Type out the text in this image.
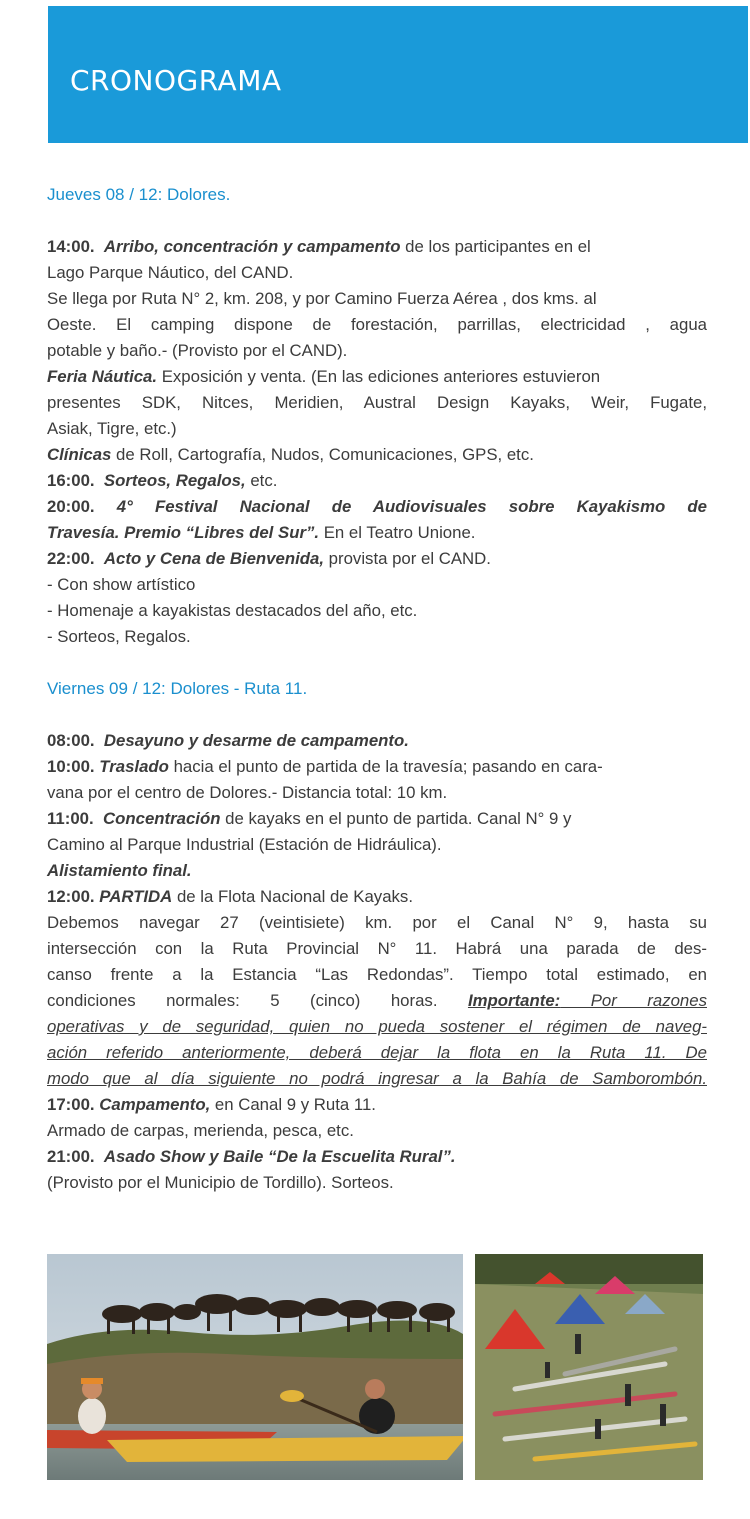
CRONOGRAMA

Jueves 08 / 12: Dolores.

14:00. Arribo, concentración y campamento de los participantes en el

Lago Parque Náutico, del CAND.

Se llega por Ruta N° 2, km. 208, y por Camino Fuerza Aérea , dos kms. al

Oeste. El camping dispone de forestación, parrillas, electricidad , agua

potable y baño.- (Provisto por el CAND).

Feria Náutica. Exposición y venta. (En las ediciones anteriores estuvieron

presentes SDK, Nitces, Meridien, Austral Design Kayaks, Weir, Fugate,

Asiak, Tigre, etc.)

Clínicas de Roll, Cartografía, Nudos, Comunicaciones, GPS, etc.

16:00. Sorteos, Regalos, etc.

20:00. 4° Festival Nacional de Audiovisuales sobre Kayakismo de

Travesía. Premio “Libres del Sur”. En el Teatro Unione.

22:00. Acto y Cena de Bienvenida, provista por el CAND.

- Con show artístico

- Homenaje a kayakistas destacados del año, etc.

- Sorteos, Regalos.

Viernes 09 / 12: Dolores - Ruta 11.

08:00. Desayuno y desarme de campamento.

10:00. Traslado hacia el punto de partida de la travesía; pasando en cara-

vana por el centro de Dolores.- Distancia total: 10 km.

11:00. Concentración de kayaks en el punto de partida. Canal N° 9 y

Camino al Parque Industrial (Estación de Hidráulica).

Alistamiento final.

12:00. PARTIDA de la Flota Nacional de Kayaks.

Debemos navegar 27 (veintisiete) km. por el Canal N° 9, hasta su

intersección con la Ruta Provincial N° 11. Habrá una parada de des-

canso frente a la Estancia “Las Redondas”. Tiempo total estimado, en

condiciones normales: 5 (cinco) horas. Importante: Por razones

operativas y de seguridad, quien no pueda sostener el régimen de naveg-

ación referido anteriormente, deberá dejar la flota en la Ruta 11. De

modo que al día siguiente no podrá ingresar a la Bahía de Samborombón.

17:00. Campamento, en Canal 9 y Ruta 11.

Armado de carpas, merienda, pesca, etc.

21:00. Asado Show y Baile “De la Escuelita Rural”.

(Provisto por el Municipio de Tordillo). Sorteos.
